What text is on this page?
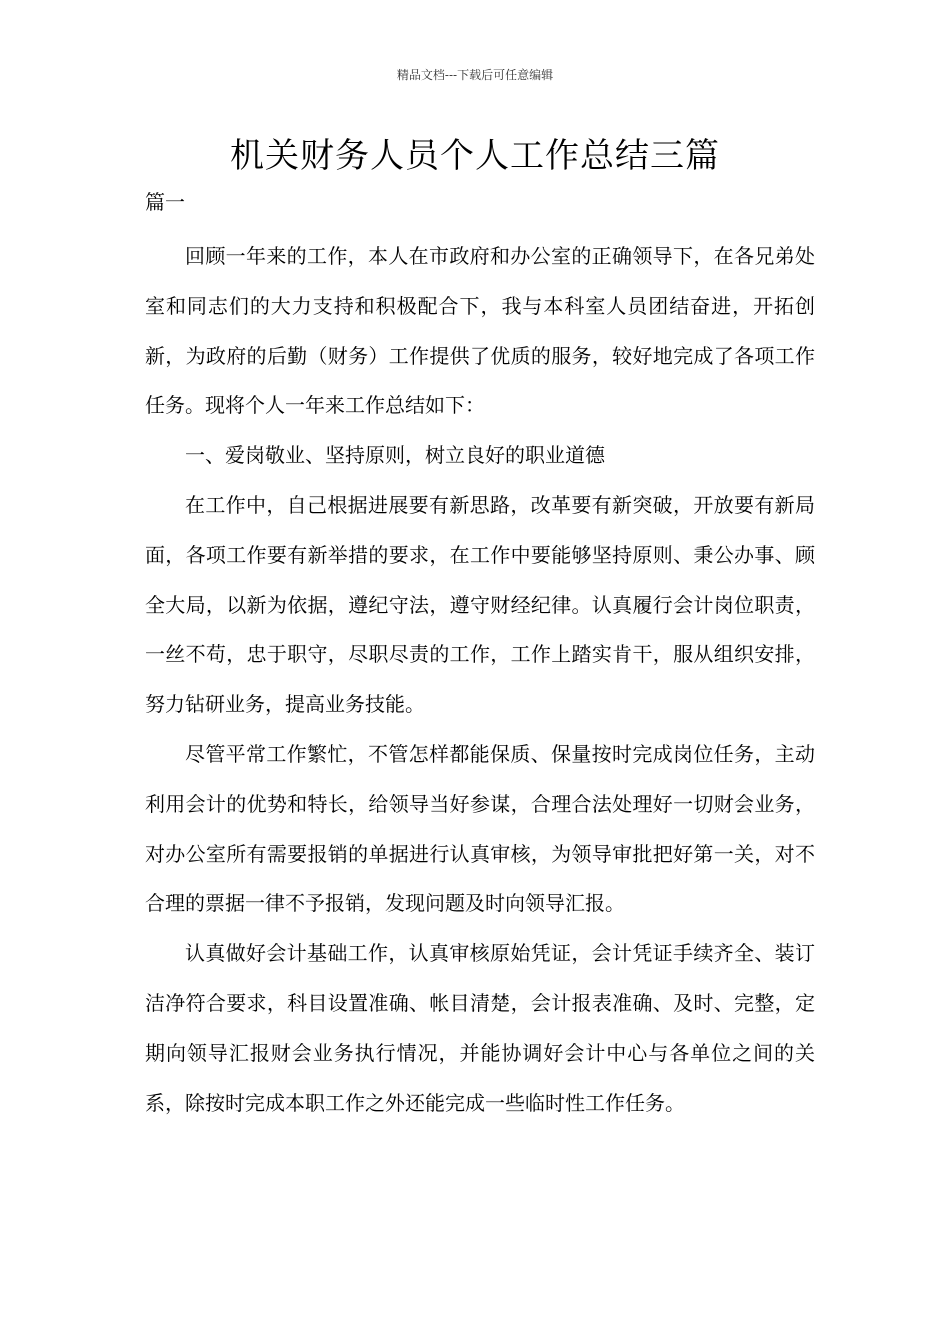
精品文档---下载后可任意编辑
机关财务人员个人工作总结三篇
篇一

回顾一年来的工作，本人在市政府和办公室的正确领导下，在各兄弟处室和同志们的大力支持和积极配合下，我与本科室人员团结奋进，开拓创新，为政府的后勤（财务）工作提供了优质的服务，较好地完成了各项工作任务。现将个人一年来工作总结如下：

一、爱岗敬业、坚持原则，树立良好的职业道德

在工作中，自己根据进展要有新思路，改革要有新突破，开放要有新局面，各项工作要有新举措的要求，在工作中要能够坚持原则、秉公办事、顾全大局，以新为依据，遵纪守法，遵守财经纪律。认真履行会计岗位职责，一丝不苟，忠于职守，尽职尽责的工作，工作上踏实肯干，服从组织安排，努力钻研业务，提高业务技能。

尽管平常工作繁忙，不管怎样都能保质、保量按时完成岗位任务，主动利用会计的优势和特长，给领导当好参谋，合理合法处理好一切财会业务，对办公室所有需要报销的单据进行认真审核，为领导审批把好第一关，对不合理的票据一律不予报销，发现问题及时向领导汇报。

认真做好会计基础工作，认真审核原始凭证，会计凭证手续齐全、装订洁净符合要求，科目设置准确、帐目清楚，会计报表准确、及时、完整，定期向领导汇报财会业务执行情况，并能协调好会计中心与各单位之间的关系，除按时完成本职工作之外还能完成一些临时性工作任务。
